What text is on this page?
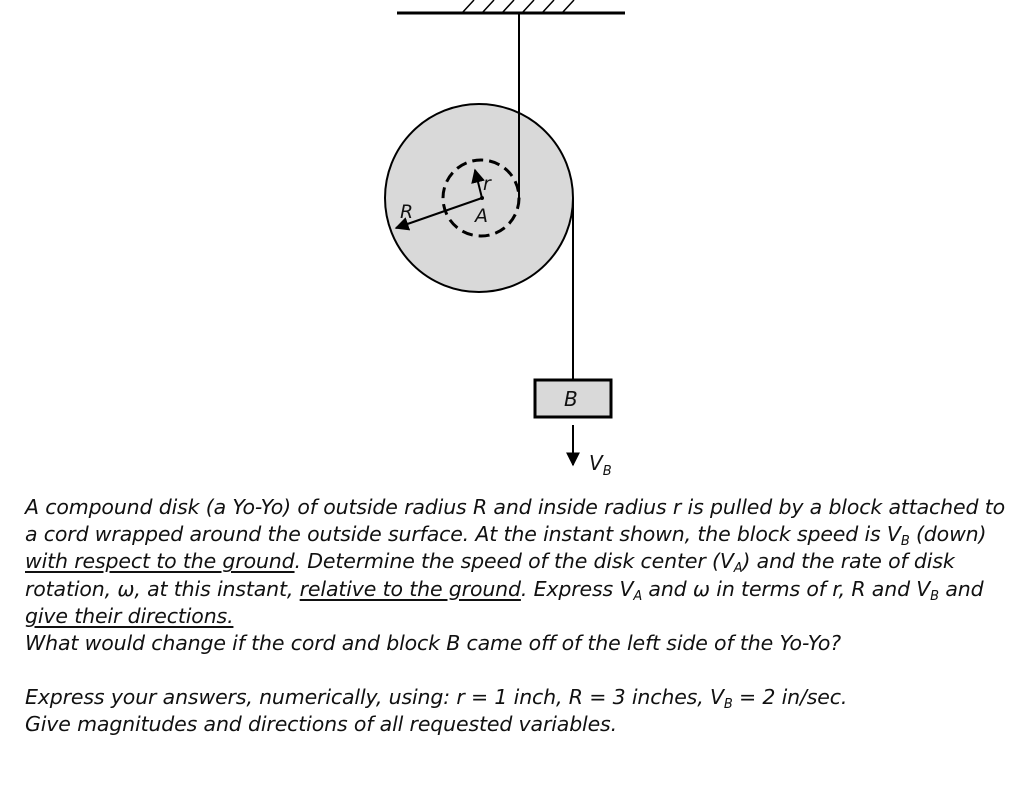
R
r
A
B
$V_B$

A compound disk (a Yo-Yo) of outside radius R and inside radius r is pulled by a block attached to a cord wrapped around the outside surface. At the instant shown, the block speed is $V_B$ (down) with respect to the ground. Determine the speed of the disk center $(V_A)$ and the rate of disk rotation, ω, at this instant, relative to the ground. Express $V_A$ and ω in terms of r, R and $V_B$ and give their directions.

What would change if the cord and block B came off of the left side of the Yo-Yo?

Express your answers, numerically, using: r = 1 inch, R = 3 inches, $V_B = 2$ in/sec.

Give magnitudes and directions of all requested variables.
